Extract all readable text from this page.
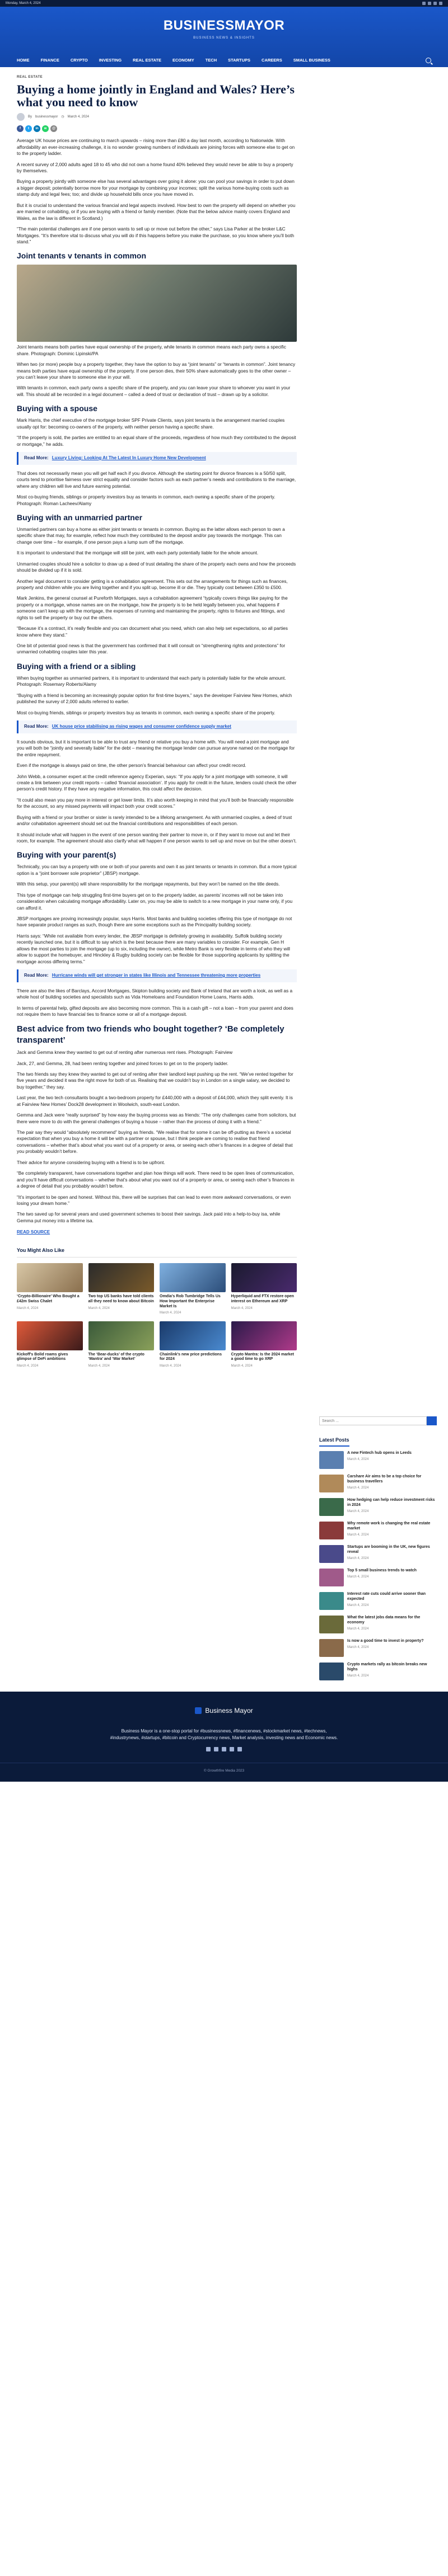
Monday, March 4, 2024
BUSINESSMAYOR
BUSINESS NEWS & INSIGHTS
HOME	FINANCE	CRYPTO	INVESTING	REAL ESTATE	ECONOMY	TECH	STARTUPS	CAREERS	SMALL BUSINESS
REAL ESTATE
Buying a home jointly in England and Wales? Here’s what you need to know
By businessmayor ◷ March 4, 2024
f	t	in	w	@

Average UK house prices are continuing to march upwards – rising more than £80 a day last month, according to Nationwide. With affordability an ever-increasing challenge, it is no wonder growing numbers of individuals are joining forces with someone else to get on to the property ladder.

A recent survey of 2,000 adults aged 18 to 45 who did not own a home found 40% believed they would never be able to buy a property by themselves.

Buying a property jointly with someone else has several advantages over going it alone: you can pool your savings in order to put down a bigger deposit; potentially borrow more for your mortgage by combining your incomes; split the various home-buying costs such as stamp duty and legal fees; too; and divide up household bills once you have moved in.

But it is crucial to understand the various financial and legal aspects involved. How best to own the property will depend on whether you are married or cohabiting, or if you are buying with a friend or family member. (Note that the below advice mainly covers England and Wales, as the law is different in Scotland.)

“The main potential challenges are if one person wants to sell up or move out before the other,” says Lisa Parker at the broker L&C Mortgages. “It’s therefore vital to discuss what you will do if this happens before you make the purchase, so you know where you’ll both stand.”

Joint tenants v tenants in common

Joint tenants means both parties have equal ownership of the property, while tenants in common means each party owns a specific share. Photograph: Dominic Lipinski/PA

When two (or more) people buy a property together, they have the option to buy as “joint tenants” or “tenants in common”. Joint tenancy means both parties have equal ownership of the property. If one person dies, their 50% share automatically goes to the other owner – you can’t leave your share to someone else in your will.

With tenants in common, each party owns a specific share of the property, and you can leave your share to whoever you want in your will. This should all be recorded in a legal document – called a deed of trust or declaration of trust – drawn up by a solicitor.

Buying with a spouse

Mark Harris, the chief executive of the mortgage broker SPF Private Clients, says joint tenants is the arrangement married couples usually opt for: becoming co-owners of the property, with neither person having a specific share.

“If the property is sold, the parties are entitled to an equal share of the proceeds, regardless of how much they contributed to the deposit or mortgage,” he adds.

Read More: Luxury Living: Looking At The Latest In Luxury Home New Development

That does not necessarily mean you will get half each if you divorce. Although the starting point for divorce finances is a 50/50 split, courts tend to prioritise fairness over strict equality and consider factors such as each partner’s needs and contributions to the marriage, where any children will live and future earning potential.

Most co-buying friends, siblings or property investors buy as tenants in common, each owning a specific share of the property. Photograph: Roman Lacheev/Alamy

Buying with an unmarried partner

Unmarried partners can buy a home as either joint tenants or tenants in common. Buying as the latter allows each person to own a specific share that may, for example, reflect how much they contributed to the deposit and/or pay towards the mortgage. This can change over time – for example, if one person pays a lump sum off the mortgage.

It is important to understand that the mortgage will still be joint, with each party potentially liable for the whole amount.

Unmarried couples should hire a solicitor to draw up a deed of trust detailing the share of the property each owns and how the proceeds should be divided up if it is sold.

Another legal document to consider getting is a cohabitation agreement. This sets out the arrangements for things such as finances, property and children while you are living together and if you split up, become ill or die. They typically cost between £350 to £500.

Mark Jenkins, the general counsel at Pureforth Mortgages, says a cohabitation agreement “typically covers things like paying for the property or a mortgage, whose names are on the mortgage, how the property is to be held legally between you, what happens if someone can’t keep up with the mortgage, the expenses of running and maintaining the property, rights to fixtures and fittings, and rights to sell the property or buy out the others.

“Because it’s a contract, it’s really flexible and you can document what you need, which can also help set expectations, so all parties know where they stand.”

One bit of potential good news is that the government has confirmed that it will consult on “strengthening rights and protections” for unmarried cohabiting couples later this year.

Buying with a friend or a sibling

When buying together as unmarried partners, it is important to understand that each party is potentially liable for the whole amount. Photograph: Rosemary Roberts/Alamy

“Buying with a friend is becoming an increasingly popular option for first-time buyers,” says the developer Fairview New Homes, which published the survey of 2,000 adults referred to earlier.

Most co-buying friends, siblings or property investors buy as tenants in common, each owning a specific share of the property.

Read More: UK house price stabilising as rising wages and consumer confidence supply market

It sounds obvious, but it is important to be able to trust any friend or relative you buy a home with. You will need a joint mortgage and you will both be “jointly and severally liable” for the debt – meaning the mortgage lender can pursue anyone named on the mortgage for the entire repayment.

Even if the mortgage is always paid on time, the other person’s financial behaviour can affect your credit record.

John Webb, a consumer expert at the credit reference agency Experian, says: “If you apply for a joint mortgage with someone, it will create a link between your credit reports – called ‘financial association’. If you apply for credit in the future, lenders could check the other person’s credit history. If they have any negative information, this could affect the decision.

“It could also mean you pay more in interest or get lower limits. It’s also worth keeping in mind that you’ll both be financially responsible for the account, so any missed payments will impact both your credit scores.”

Buying with a friend or your brother or sister is rarely intended to be a lifelong arrangement. As with unmarried couples, a deed of trust and/or cohabitation agreement should set out the financial contributions and responsibilities of each person.

It should include what will happen in the event of one person wanting their partner to move in, or if they want to move out and let their room, for example. The agreement should also clarify what will happen if one person wants to sell up and move on but the other doesn’t.

Buying with your parent(s)

Technically, you can buy a property with one or both of your parents and own it as joint tenants or tenants in common. But a more typical option is a “joint borrower sole proprietor” (JBSP) mortgage.

With this setup, your parent(s) will share responsibility for the mortgage repayments, but they won’t be named on the title deeds.

This type of mortgage can help struggling first-time buyers get on to the property ladder, as parents’ incomes will not be taken into consideration when calculating mortgage affordability. Later on, you may be able to switch to a new mortgage in your name only, if you can afford it.

JBSP mortgages are proving increasingly popular, says Harris. Most banks and building societies offering this type of mortgage do not have separate product ranges as such, though there are some exceptions such as the Principality building society.

Harris says: “While not available from every lender, the JBSP mortgage is definitely growing in availability. Suffolk building society recently launched one, but it is difficult to say which is the best because there are many variables to consider. For example, Gen H allows the most parties to join the mortgage (up to six, including the owner), while Metro Bank is very flexible in terms of who they will allow to support the homebuyer, and Hinckley & Rugby building society can be flexible for those supporting applicants by splitting the mortgage across differing terms.”

Read More: Hurricane winds will get stronger in states like Illinois and Tennessee threatening more properties

There are also the likes of Barclays, Accord Mortgages, Skipton building society and Bank of Ireland that are worth a look, as well as a whole host of building societies and specialists such as Vida Homeloans and Foundation Home Loans, Harris adds.

In terms of parental help, gifted deposits are also becoming more common. This is a cash gift – not a loan – from your parent and does not require them to have financial ties to finance some or all of a mortgage deposit.

Best advice from two friends who bought together? ‘Be completely transparent’

Jack and Gemma knew they wanted to get out of renting after numerous rent rises. Photograph: Fairview

Jack, 27, and Gemma, 28, had been renting together and joined forces to get on to the property ladder.

The two friends say they knew they wanted to get out of renting after their landlord kept pushing up the rent. “We’ve rented together for five years and decided it was the right move for both of us. Realising that we couldn’t buy in London on a single salary, we decided to buy together,” they say.

Last year, the two tech consultants bought a two-bedroom property for £440,000 with a deposit of £44,000, which they split evenly. It is at Fairview New Homes’ Dock28 development in Woolwich, south-east London.

Gemma and Jack were “really surprised” by how easy the buying process was as friends: “The only challenges came from solicitors, but there were more to do with the general challenges of buying a house – rather than the process of doing it with a friend.”

The pair say they would “absolutely recommend” buying as friends. “We realise that for some it can be off-putting as there’s a societal expectation that when you buy a home it will be with a partner or spouse, but I think people are coming to realise that friend conversations – whether that’s about what you want out of a property or area, or seeing each other’s finances in a degree of detail that you probably wouldn’t before.

Their advice for anyone considering buying with a friend is to be upfront.

“Be completely transparent, have conversations together and plan how things will work. There need to be open lines of communication, and you’ll have difficult conversations – whether that’s about what you want out of a property or area, or seeing each other’s finances in a degree of detail that you probably wouldn’t before.

“It’s important to be open and honest. Without this, there will be surprises that can lead to even more awkward conversations, or even losing your dream home.”

The two saved up for several years and used government schemes to boost their savings. Jack paid into a help-to-buy isa, while Gemma put money into a lifetime isa.

READ SOURCE
You Might Also Like
‘Crypto-Billionaire’ Who Bought a £42m Swiss Chalet
March 4, 2024
Two top US banks have told clients all they need to know about Bitcoin
March 4, 2024
Omdia’s Rob Tumbridge Tells Us How Important the Enterprise Market Is
March 4, 2024
Hyperliquid and FTX restore open interest on Ethereum and XRP
March 4, 2024
Kickoff's Bolid roams gives glimpse of DeFi ambitions
March 4, 2024
The ‘Bear-ducks’ of the crypto ‘Mantra’ and ‘War Market’
March 4, 2024
Chainlink's new price predictions for 2024
March 4, 2024
Crypto Mantra: Is the 2024 market a good time to go XRP
March 4, 2024
Search ...
Latest Posts
A new Fintech hub opens in Leeds
March 4, 2024
Carshare Air aims to be a top choice for business travellers
March 4, 2024
How hedging can help reduce investment risks in 2024
March 4, 2024
Why remote work is changing the real estate market
March 4, 2024
Startups are booming in the UK, new figures reveal
March 4, 2024
Top 5 small business trends to watch
March 4, 2024
Interest rate cuts could arrive sooner than expected
March 4, 2024
What the latest jobs data means for the economy
March 4, 2024
Is now a good time to invest in property?
March 4, 2024
Crypto markets rally as bitcoin breaks new highs
March 4, 2024
Business Mayor
Business Mayor is a one-stop portal for #businessnews, #financenews, #stockmarket news, #technews, #industrynews, #startups, #bitcoin and Cryptocurrency news, Market analysis, investing news and Economic news.
© Growthfire Media 2023
